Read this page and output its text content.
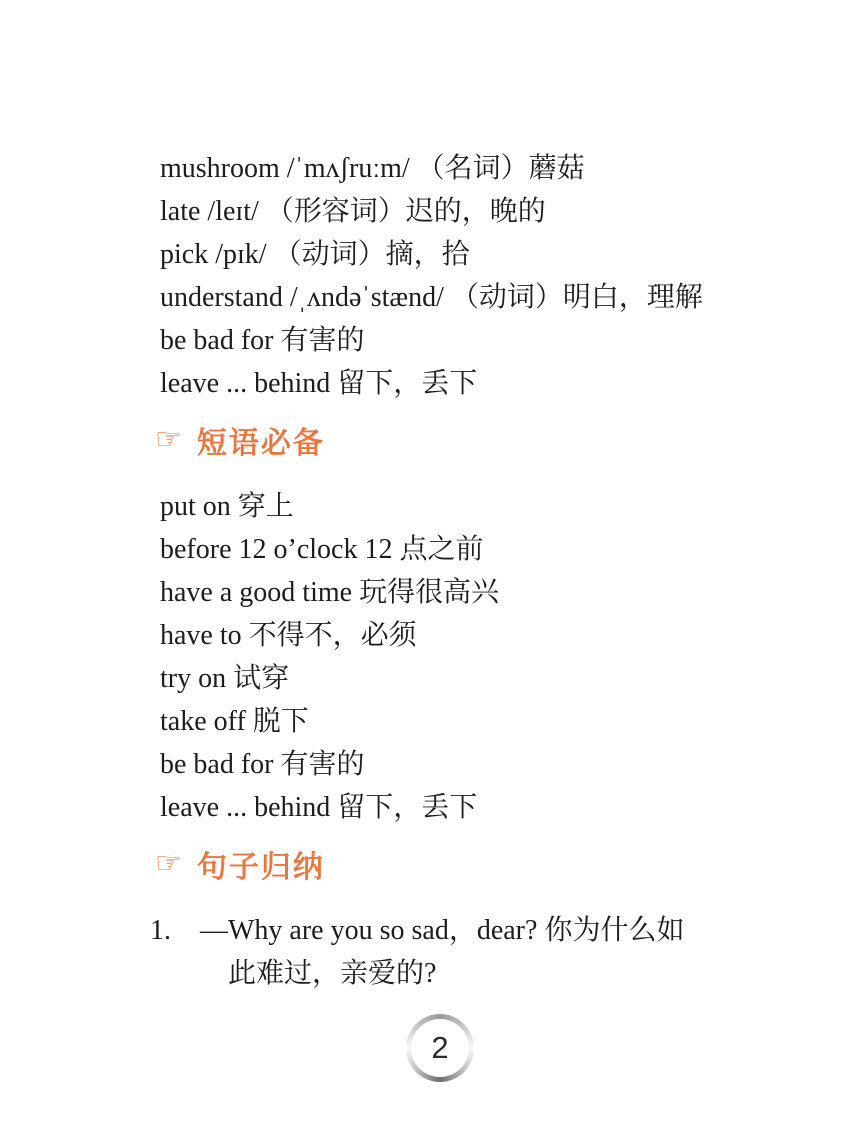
mushroom /ˈmʌʃruːm/ （名词）蘑菇
late /leɪt/ （形容词）迟的，晚的
pick /pɪk/ （动词）摘，拾
understand /ˌʌndəˈstænd/ （动词）明白，理解
be bad for 有害的
leave ... behind 留下，丢下
☞ 短语必备
put on 穿上
before 12 o’clock 12 点之前
have a good time 玩得很高兴
have to 不得不，必须
try on 试穿
take off 脱下
be bad for 有害的
leave ... behind 留下，丢下
☞ 句子归纳
1. —Why are you so sad，dear? 你为什么如此难过，亲爱的?
2
